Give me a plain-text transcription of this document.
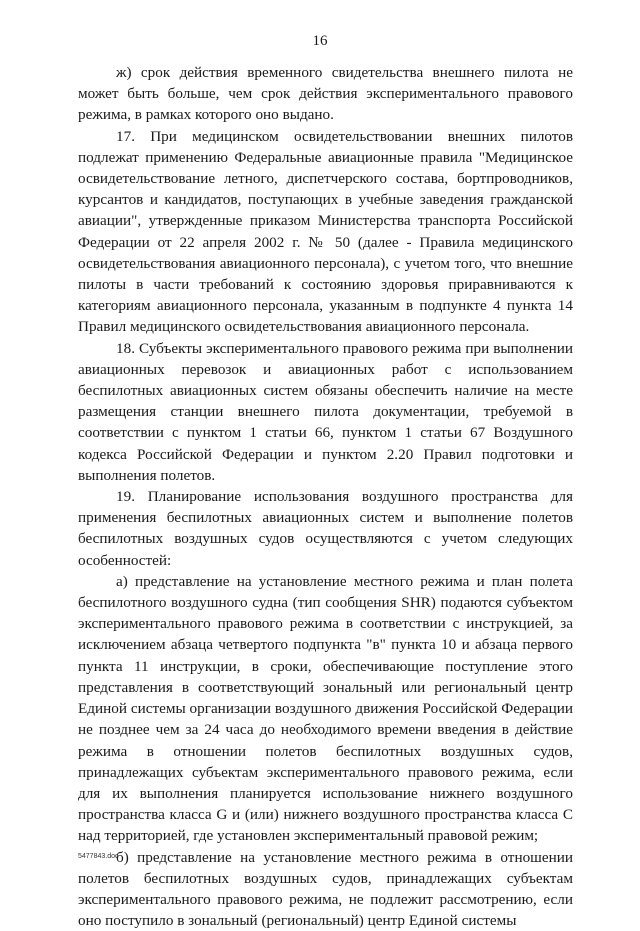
16

ж) срок действия временного свидетельства внешнего пилота не может быть больше, чем срок действия экспериментального правового режима, в рамках которого оно выдано.

17. При медицинском освидетельствовании внешних пилотов подлежат применению Федеральные авиационные правила "Медицинское освидетельствование летного, диспетчерского состава, бортпроводников, курсантов и кандидатов, поступающих в учебные заведения гражданской авиации", утвержденные приказом Министерства транспорта Российской Федерации от 22 апреля 2002 г. № 50 (далее - Правила медицинского освидетельствования авиационного персонала), с учетом того, что внешние пилоты в части требований к состоянию здоровья приравниваются к категориям авиационного персонала, указанным в подпункте 4 пункта 14 Правил медицинского освидетельствования авиационного персонала.

18. Субъекты экспериментального правового режима при выполнении авиационных перевозок и авиационных работ с использованием беспилотных авиационных систем обязаны обеспечить наличие на месте размещения станции внешнего пилота документации, требуемой в соответствии с пунктом 1 статьи 66, пунктом 1 статьи 67 Воздушного кодекса Российской Федерации и пунктом 2.20 Правил подготовки и выполнения полетов.

19. Планирование использования воздушного пространства для применения беспилотных авиационных систем и выполнение полетов беспилотных воздушных судов осуществляются с учетом следующих особенностей:

а) представление на установление местного режима и план полета беспилотного воздушного судна (тип сообщения SHR) подаются субъектом экспериментального правового режима в соответствии с инструкцией, за исключением абзаца четвертого подпункта "в" пункта 10 и абзаца первого пункта 11 инструкции, в сроки, обеспечивающие поступление этого представления в соответствующий зональный или региональный центр Единой системы организации воздушного движения Российской Федерации не позднее чем за 24 часа до необходимого времени введения в действие режима в отношении полетов беспилотных воздушных судов, принадлежащих субъектам экспериментального правового режима, если для их выполнения планируется использование нижнего воздушного пространства класса G и (или) нижнего воздушного пространства класса С над территорией, где установлен экспериментальный правовой режим;

б) представление на установление местного режима в отношении полетов беспилотных воздушных судов, принадлежащих субъектам экспериментального правового режима, не подлежит рассмотрению, если оно поступило в зональный (региональный) центр Единой системы

5477843.doc
